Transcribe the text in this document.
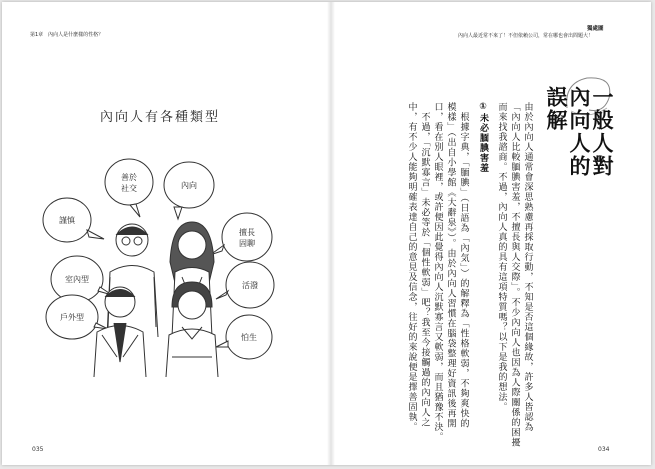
第1章　內向人是什麼樣的性格？
內向人有各種類型
謹慎
善於社交	內向
擅長固聊
室內型
活潑
戶外型
怕生
035
獨處圖
內向人最近常不來了！不但依賴公司，常在哪也會出問題大！
一般人對
內向人的
誤解
由於內向人通常會深思熟慮再採取行動，不知是否這個緣故，許多人皆認為
「內向人比較腼腆害羞，不擅長與人交際」。不少內向人也因為人際關係的困擾
而來找我諮商。不過，內向人真的具有這項特質嗎？以下是我的想法。
①未必腼腆害羞
　根據字典，「腼腆」（日語為「內気」）的解釋為「性格軟弱，不夠爽快的
模樣」（出自小學館《大辭泉》）。由於內向人習慣在腦袋整理好資訊後再開
口，看在別人眼裡，或許便因此覺得內向人沉默寡言又軟弱，而且猶豫不決。
　不過，「沉默寡言」未必等於「個性軟弱」吧？我至今接觸過的內向人之
中，有不少人能夠明確表達自己的意見及信念，往好的來說便是擇善固執。
034
